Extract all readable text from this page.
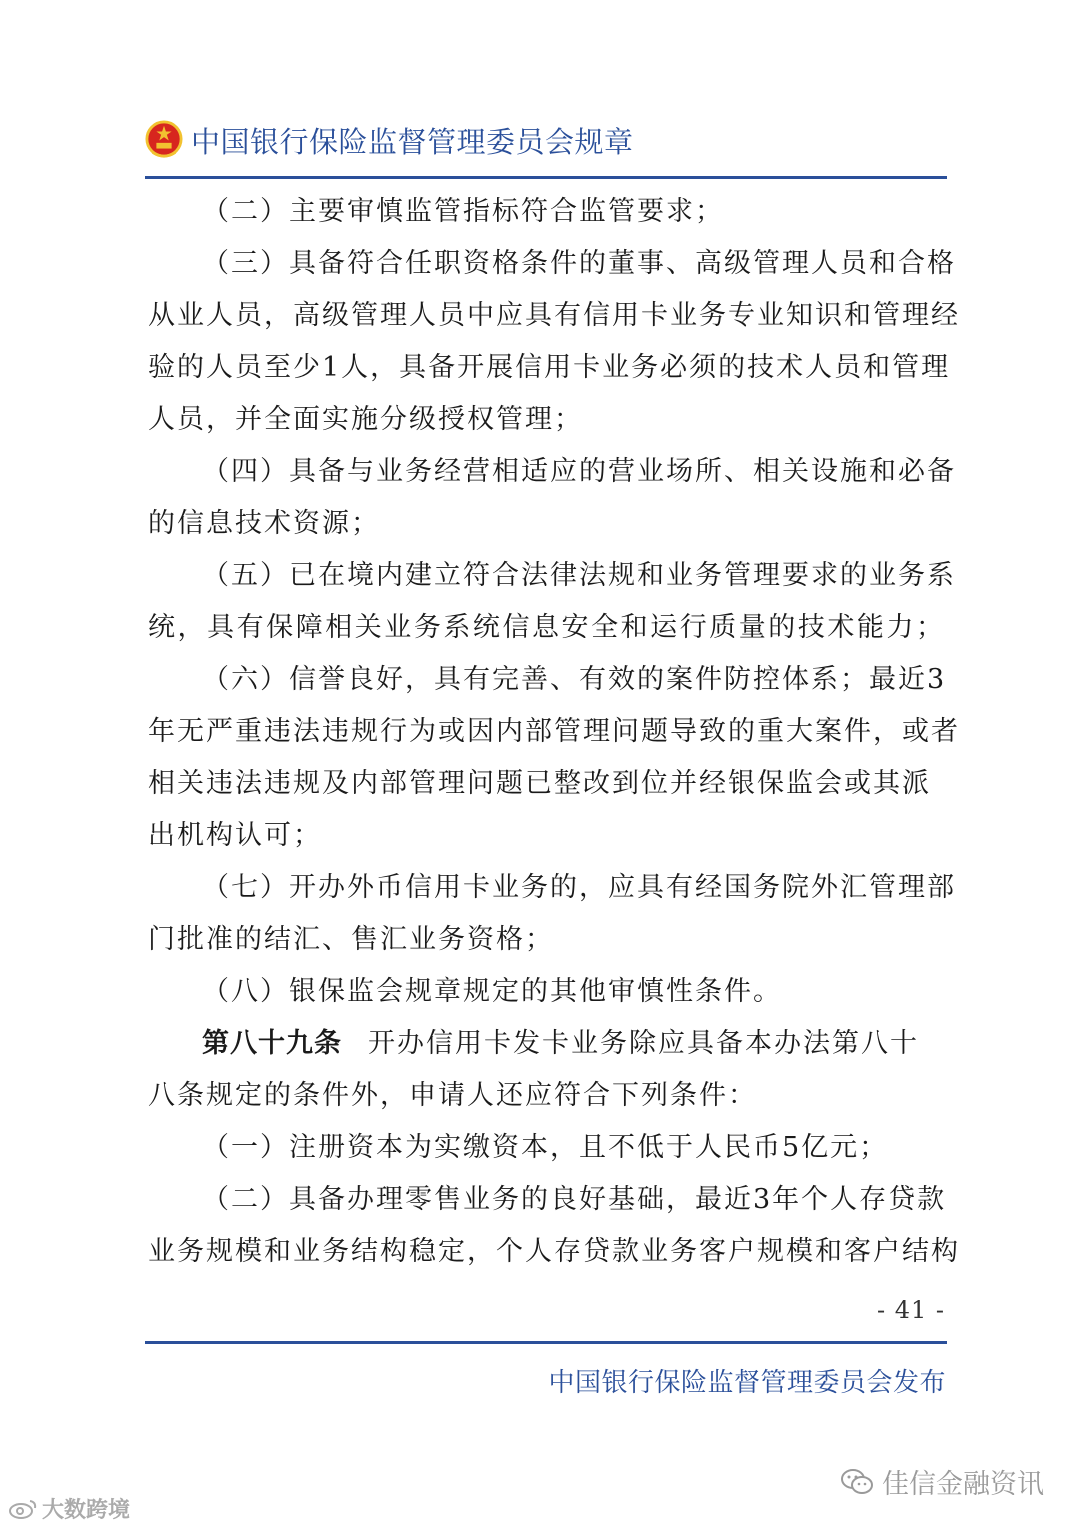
中国银行保险监督管理委员会规章
（二）主要审慎监管指标符合监管要求；
（三）具备符合任职资格条件的董事、高级管理人员和合格
从业人员，高级管理人员中应具有信用卡业务专业知识和管理经
验的人员至少1人，具备开展信用卡业务必须的技术人员和管理
人员，并全面实施分级授权管理；
（四）具备与业务经营相适应的营业场所、相关设施和必备
的信息技术资源；
（五）已在境内建立符合法律法规和业务管理要求的业务系
统，具有保障相关业务系统信息安全和运行质量的技术能力；
（六）信誉良好，具有完善、有效的案件防控体系；最近3
年无严重违法违规行为或因内部管理问题导致的重大案件，或者
相关违法违规及内部管理问题已整改到位并经银保监会或其派
出机构认可；
（七）开办外币信用卡业务的，应具有经国务院外汇管理部
门批准的结汇、售汇业务资格；
（八）银保监会规章规定的其他审慎性条件。
第八十九条 开办信用卡发卡业务除应具备本办法第八十
八条规定的条件外，申请人还应符合下列条件：
（一）注册资本为实缴资本，且不低于人民币5亿元；
（二）具备办理零售业务的良好基础，最近3年个人存贷款
业务规模和业务结构稳定，个人存贷款业务客户规模和客户结构
- 41 -
中国银行保险监督管理委员会发布
佳信金融资讯
大数跨境
